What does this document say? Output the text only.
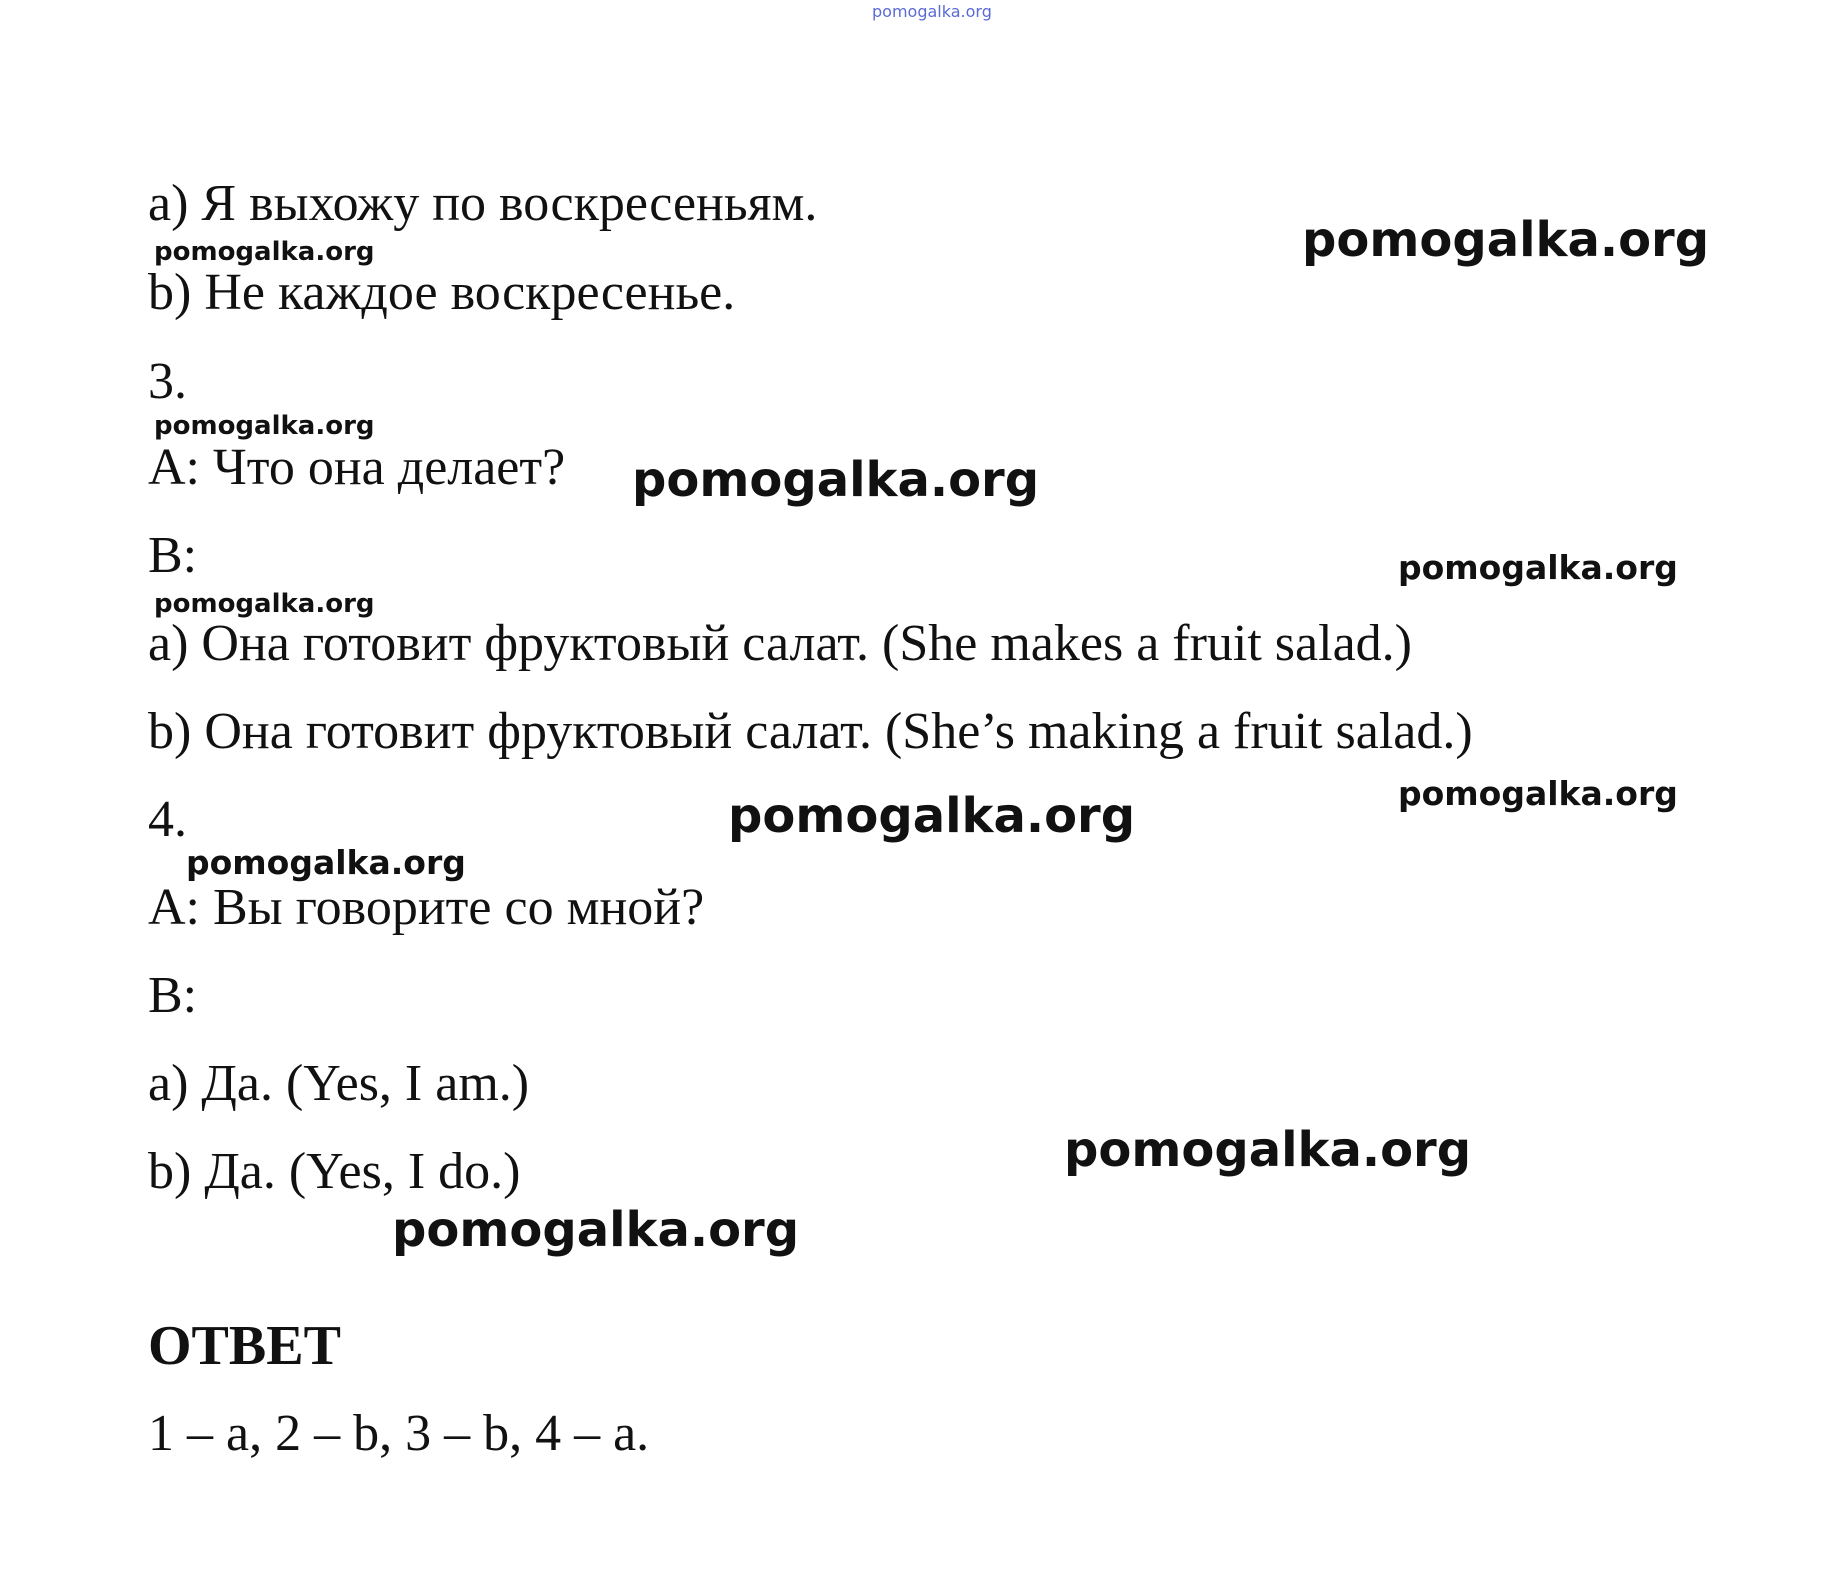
pomogalka.org
a) Я выхожу по воскресеньям.
b) Не каждое воскресенье.
3.
A: Что она делает?
B:
a) Она готовит фруктовый салат. (She makes a fruit salad.)
b) Она готовит фруктовый салат. (She’s making a fruit salad.)
4.
A: Вы говорите со мной?
B:
a) Да. (Yes, I am.)
b) Да. (Yes, I do.)
ОТВЕТ
1 – a, 2 – b, 3 – b, 4 – a.
pomogalka.org
pomogalka.org
pomogalka.org
pomogalka.org
pomogalka.org
pomogalka.org
pomogalka.org
pomogalka.org
pomogalka.org
pomogalka.org
pomogalka.org
